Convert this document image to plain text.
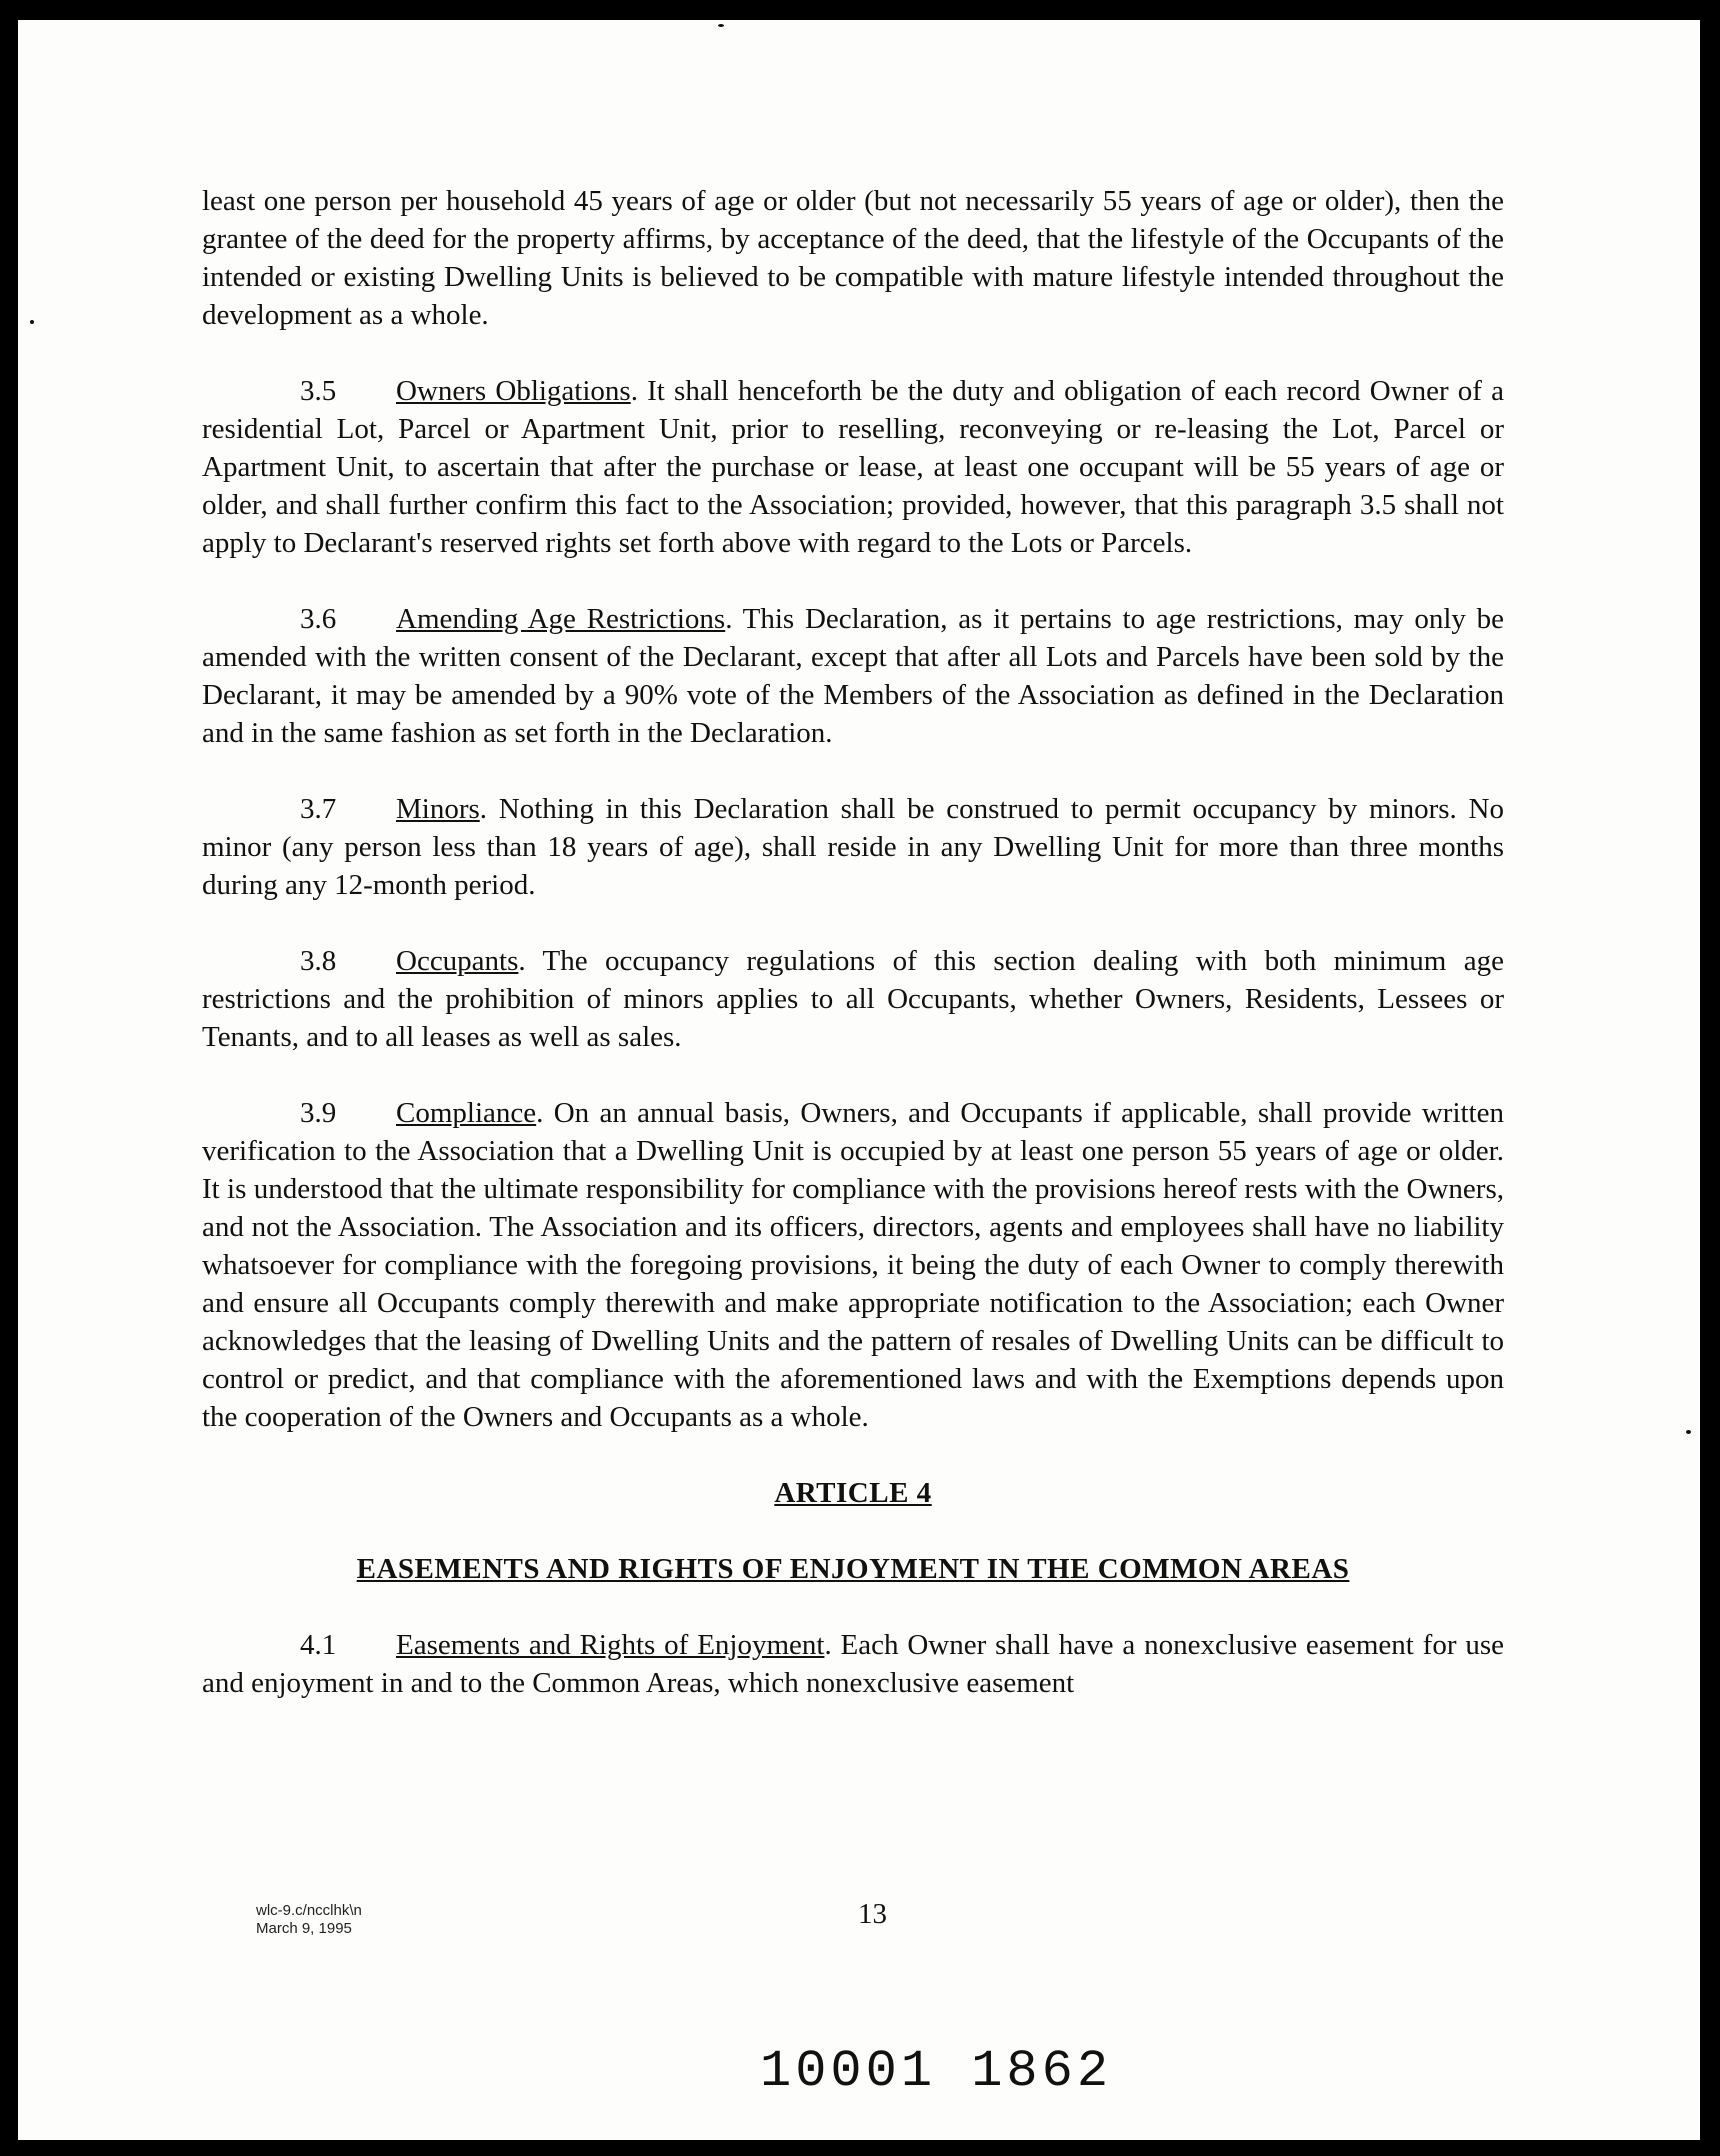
least one person per household 45 years of age or older (but not necessarily 55 years of age or older), then the grantee of the deed for the property affirms, by acceptance of the deed, that the lifestyle of the Occupants of the intended or existing Dwelling Units is believed to be compatible with mature lifestyle intended throughout the development as a whole.

3.5 Owners Obligations. It shall henceforth be the duty and obligation of each record Owner of a residential Lot, Parcel or Apartment Unit, prior to reselling, reconveying or re-leasing the Lot, Parcel or Apartment Unit, to ascertain that after the purchase or lease, at least one occupant will be 55 years of age or older, and shall further confirm this fact to the Association; provided, however, that this paragraph 3.5 shall not apply to Declarant's reserved rights set forth above with regard to the Lots or Parcels.

3.6 Amending Age Restrictions. This Declaration, as it pertains to age restrictions, may only be amended with the written consent of the Declarant, except that after all Lots and Parcels have been sold by the Declarant, it may be amended by a 90% vote of the Members of the Association as defined in the Declaration and in the same fashion as set forth in the Declaration.

3.7 Minors. Nothing in this Declaration shall be construed to permit occupancy by minors. No minor (any person less than 18 years of age), shall reside in any Dwelling Unit for more than three months during any 12-month period.

3.8 Occupants. The occupancy regulations of this section dealing with both minimum age restrictions and the prohibition of minors applies to all Occupants, whether Owners, Residents, Lessees or Tenants, and to all leases as well as sales.

3.9 Compliance. On an annual basis, Owners, and Occupants if applicable, shall provide written verification to the Association that a Dwelling Unit is occupied by at least one person 55 years of age or older. It is understood that the ultimate responsibility for compliance with the provisions hereof rests with the Owners, and not the Association. The Association and its officers, directors, agents and employees shall have no liability whatsoever for compliance with the foregoing provisions, it being the duty of each Owner to comply therewith and ensure all Occupants comply therewith and make appropriate notification to the Association; each Owner acknowledges that the leasing of Dwelling Units and the pattern of resales of Dwelling Units can be difficult to control or predict, and that compliance with the aforementioned laws and with the Exemptions depends upon the cooperation of the Owners and Occupants as a whole.

ARTICLE 4
EASEMENTS AND RIGHTS OF ENJOYMENT IN THE COMMON AREAS

4.1 Easements and Rights of Enjoyment. Each Owner shall have a nonexclusive easement for use and enjoyment in and to the Common Areas, which nonexclusive easement

wlc-9.c/ncclhk\n
March 9, 1995	13
10001 1862
